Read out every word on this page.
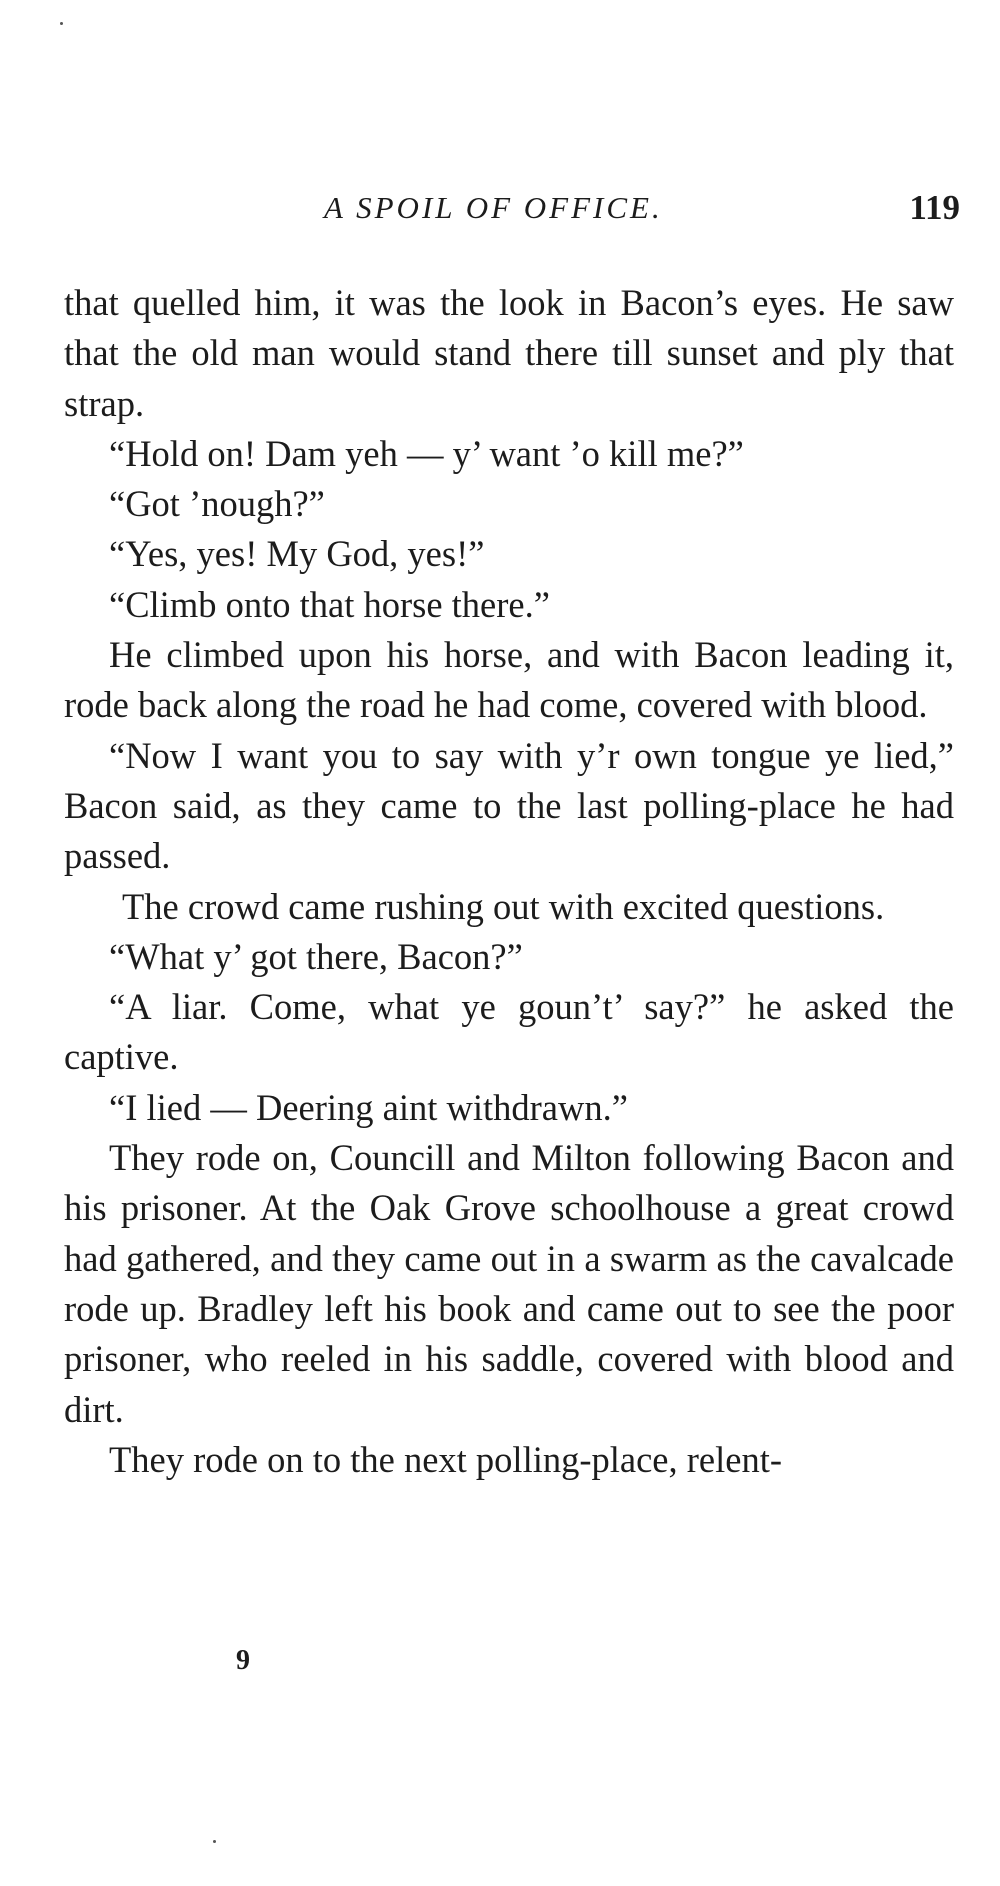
A SPOIL OF OFFICE.	119

that quelled him, it was the look in Bacon’s eyes. He saw that the old man would stand there till sunset and ply that strap.

“Hold on! Dam yeh — y’ want ’o kill me?”

“Got ’nough?”

“Yes, yes! My God, yes!”

“Climb onto that horse there.”

He climbed upon his horse, and with Bacon leading it, rode back along the road he had come, covered with blood.

“Now I want you to say with y’r own tongue ye lied,” Bacon said, as they came to the last polling-place he had passed.

The crowd came rushing out with excited questions.

“What y’ got there, Bacon?”

“A liar. Come, what ye goun’t’ say?” he asked the captive.

“I lied — Deering aint withdrawn.”

They rode on, Councill and Milton following Bacon and his prisoner. At the Oak Grove schoolhouse a great crowd had gathered, and they came out in a swarm as the cavalcade rode up. Bradley left his book and came out to see the poor prisoner, who reeled in his saddle, covered with blood and dirt.

They rode on to the next polling-place, relent-

9
